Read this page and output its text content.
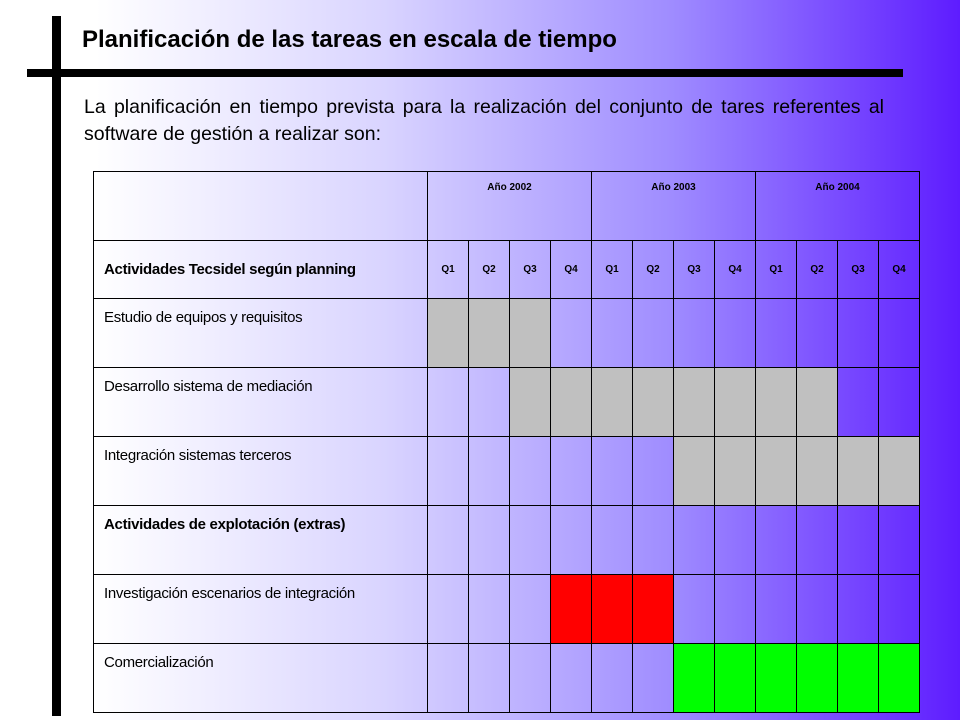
Planificación de las tareas en escala de tiempo

La planificación en tiempo prevista para la realización del conjunto de tares referentes al software de gestión a realizar son:

	Año 2002				Año 2003				Año 2004			
Actividades Tecsidel según planning	Q1	Q2	Q3	Q4	Q1	Q2	Q3	Q4	Q1	Q2	Q3	Q4
Estudio de equipos y requisitos												
Desarrollo sistema de mediación												
Integración sistemas terceros												
Actividades de explotación (extras)												
Investigación escenarios de integración												
Comercialización												
